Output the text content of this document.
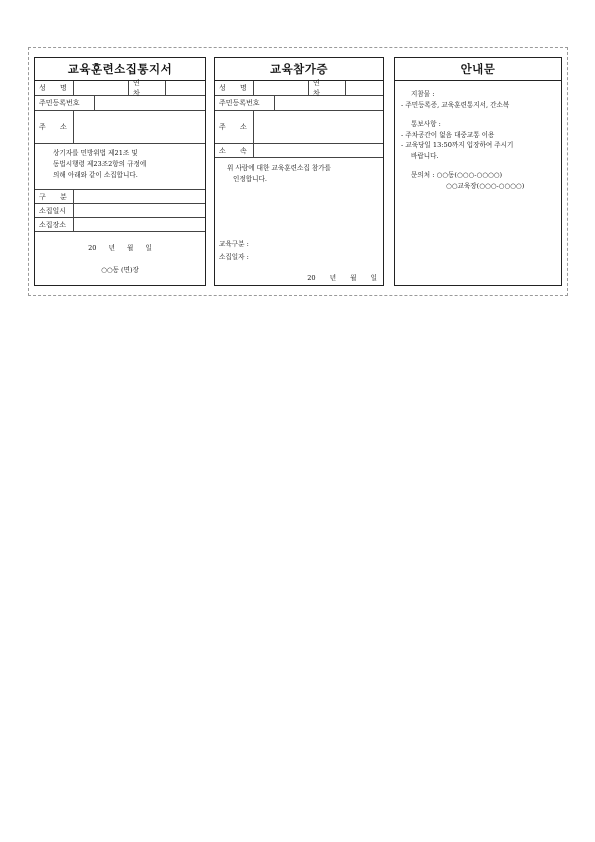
교육훈련소집통지서
성 명
연 차
주민등록번호
주 소
상기자를 민방위법 제21조 및
동법시행령 제23조2항의 규정에
의해 아래와 같이 소집합니다.
구 분
소집일시
소집장소
20 년 월 일
○○동 (면)장
교육참가증
성 명
연 차
주민등록번호
주 소
소 속
위 사람에 대한 교육훈련소집 참가를
인정합니다.
교육구분 :
소집일자 :
20 년 월 일
안내문
지참물 :
- 주민등록증, 교육훈련통지서, 간소복
통보사항 :
- 주차공간이 없음 대중교통 이용
- 교육당일 13:50까지 입장하여 주시기
바랍니다.
문의처 : ○○동(○○○-○○○○)
○○교육장(○○○-○○○○)
